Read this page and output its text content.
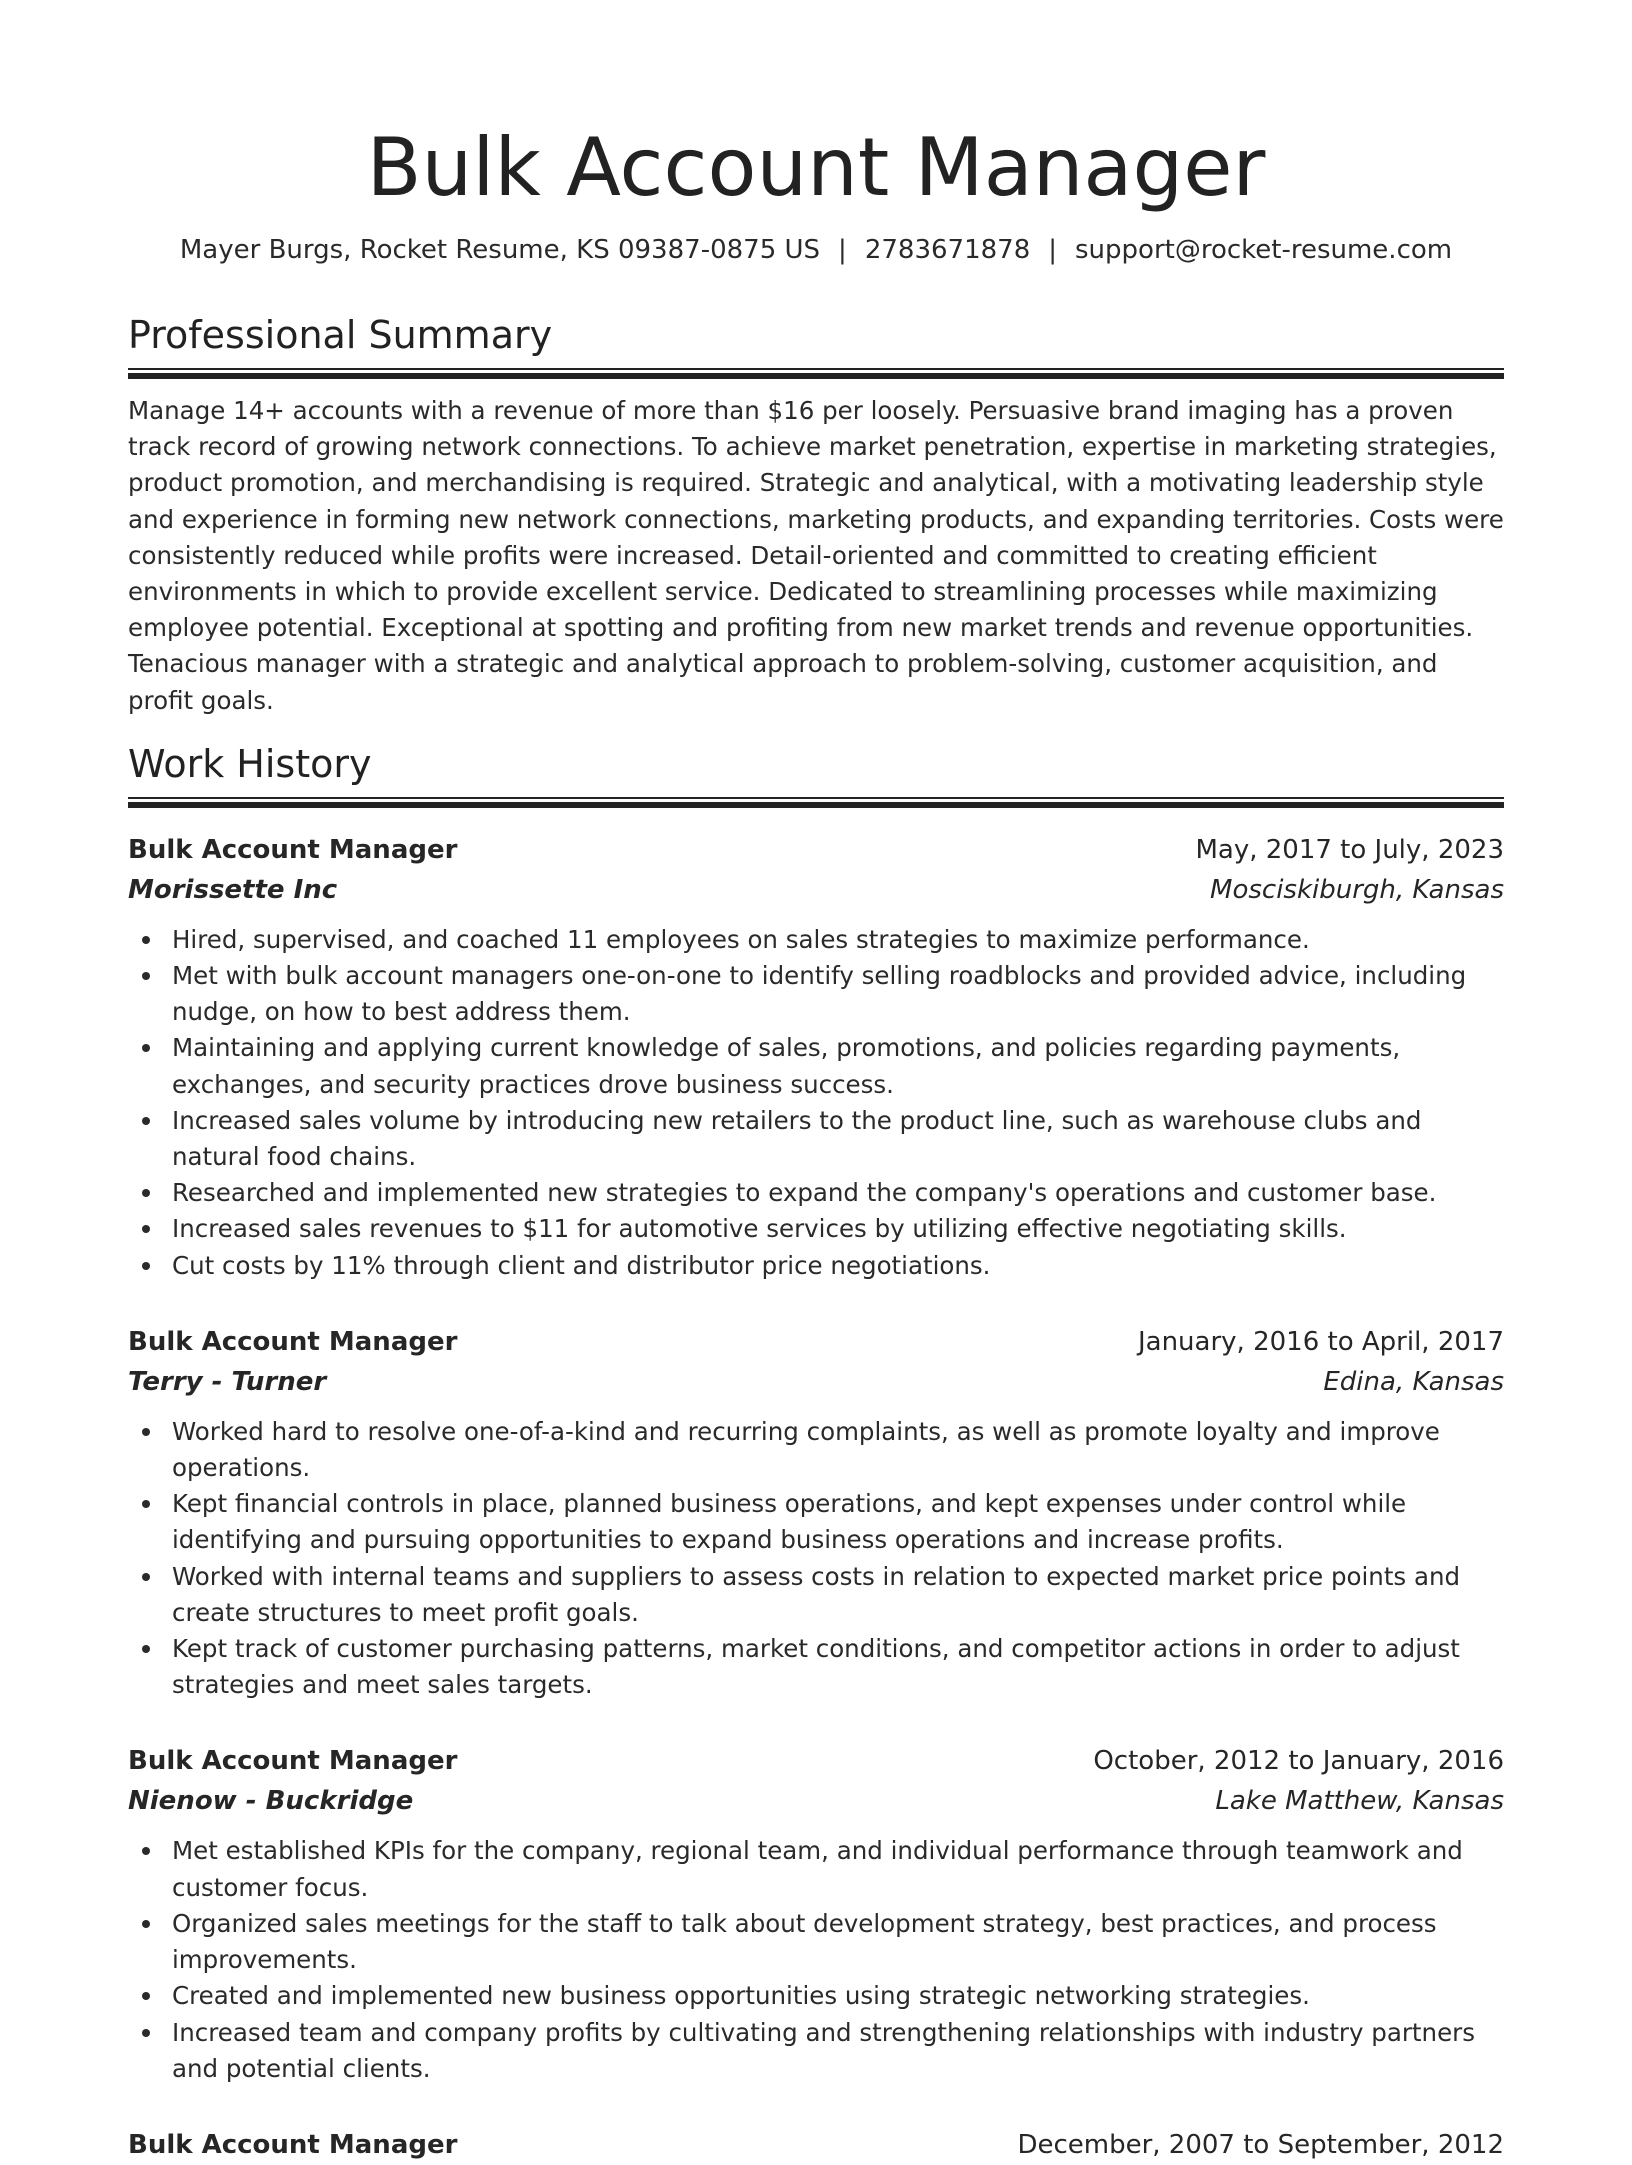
Bulk Account Manager
Mayer Burgs, Rocket Resume, KS 09387-0875 US | 2783671878 | support@rocket-resume.com
Professional Summary
Manage 14+ accounts with a revenue of more than $16 per loosely. Persuasive brand imaging has a proven track record of growing network connections. To achieve market penetration, expertise in marketing strategies, product promotion, and merchandising is required. Strategic and analytical, with a motivating leadership style and experience in forming new network connections, marketing products, and expanding territories. Costs were consistently reduced while profits were increased. Detail-oriented and committed to creating efficient environments in which to provide excellent service. Dedicated to streamlining processes while maximizing employee potential. Exceptional at spotting and profiting from new market trends and revenue opportunities. Tenacious manager with a strategic and analytical approach to problem-solving, customer acquisition, and profit goals.
Work History
Bulk Account Manager	May, 2017 to July, 2023
Morissette Inc	Mosciskiburgh, Kansas
Hired, supervised, and coached 11 employees on sales strategies to maximize performance.
Met with bulk account managers one-on-one to identify selling roadblocks and provided advice, including nudge, on how to best address them.
Maintaining and applying current knowledge of sales, promotions, and policies regarding payments, exchanges, and security practices drove business success.
Increased sales volume by introducing new retailers to the product line, such as warehouse clubs and natural food chains.
Researched and implemented new strategies to expand the company's operations and customer base.
Increased sales revenues to $11 for automotive services by utilizing effective negotiating skills.
Cut costs by 11% through client and distributor price negotiations.
Bulk Account Manager	January, 2016 to April, 2017
Terry - Turner	Edina, Kansas
Worked hard to resolve one-of-a-kind and recurring complaints, as well as promote loyalty and improve operations.
Kept financial controls in place, planned business operations, and kept expenses under control while identifying and pursuing opportunities to expand business operations and increase profits.
Worked with internal teams and suppliers to assess costs in relation to expected market price points and create structures to meet profit goals.
Kept track of customer purchasing patterns, market conditions, and competitor actions in order to adjust strategies and meet sales targets.
Bulk Account Manager	October, 2012 to January, 2016
Nienow - Buckridge	Lake Matthew, Kansas
Met established KPIs for the company, regional team, and individual performance through teamwork and customer focus.
Organized sales meetings for the staff to talk about development strategy, best practices, and process improvements.
Created and implemented new business opportunities using strategic networking strategies.
Increased team and company profits by cultivating and strengthening relationships with industry partners and potential clients.
Bulk Account Manager	December, 2007 to September, 2012
